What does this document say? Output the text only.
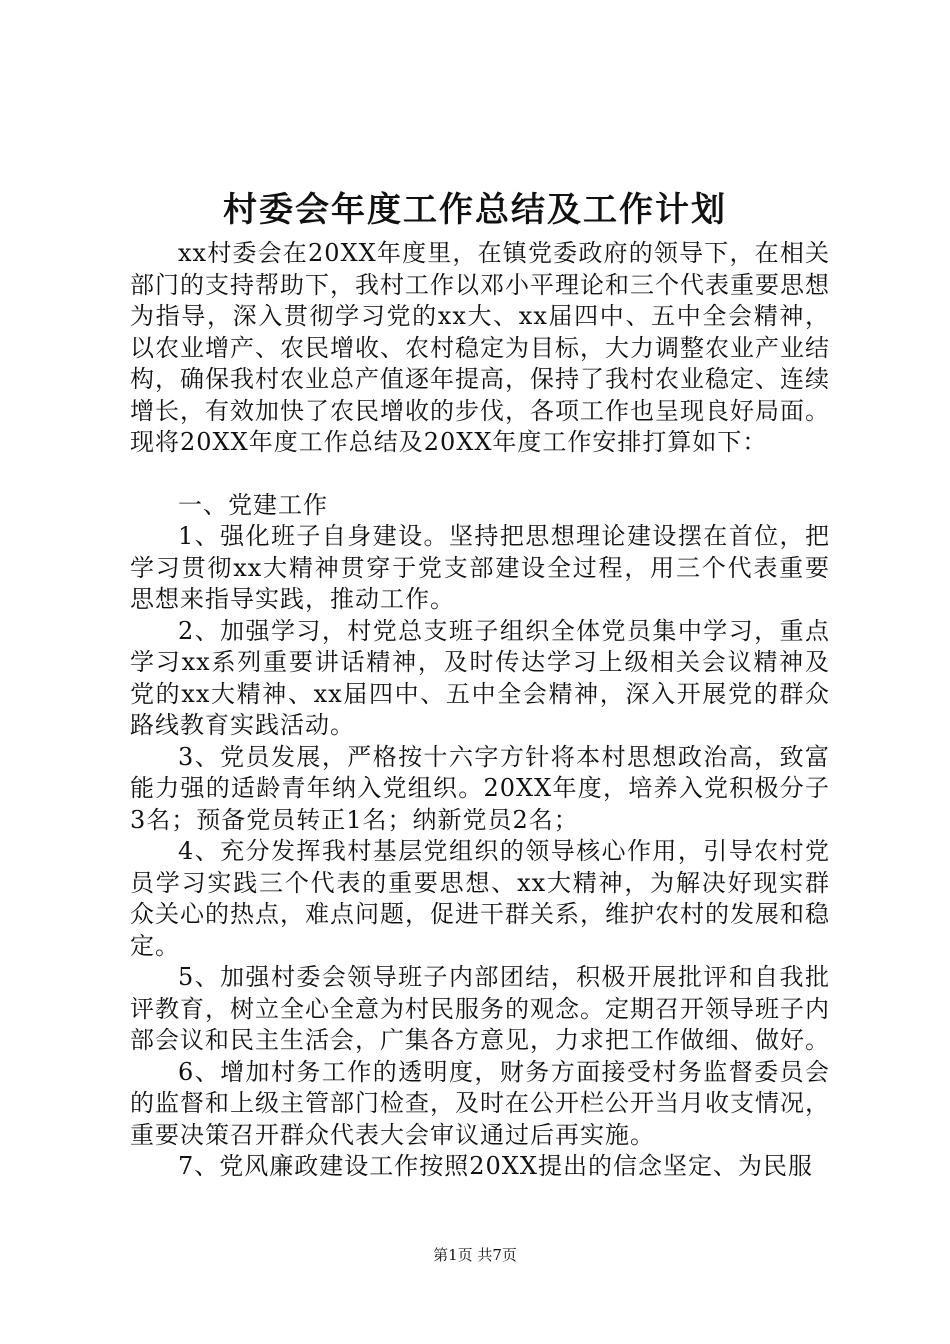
村委会年度工作总结及工作计划

xx村委会在20XX年度里，在镇党委政府的领导下，在相关部门的支持帮助下，我村工作以邓小平理论和三个代表重要思想为指导，深入贯彻学习党的xx大、xx届四中、五中全会精神，以农业增产、农民增收、农村稳定为目标，大力调整农业产业结构，确保我村农业总产值逐年提高，保持了我村农业稳定、连续增长，有效加快了农民增收的步伐，各项工作也呈现良好局面。现将20XX年度工作总结及20XX年度工作安排打算如下：

一、党建工作

1、强化班子自身建设。坚持把思想理论建设摆在首位，把学习贯彻xx大精神贯穿于党支部建设全过程，用三个代表重要思想来指导实践，推动工作。

2、加强学习，村党总支班子组织全体党员集中学习，重点学习xx系列重要讲话精神，及时传达学习上级相关会议精神及党的xx大精神、xx届四中、五中全会精神，深入开展党的群众路线教育实践活动。

3、党员发展，严格按十六字方针将本村思想政治高，致富能力强的适龄青年纳入党组织。20XX年度，培养入党积极分子3名；预备党员转正1名；纳新党员2名；

4、充分发挥我村基层党组织的领导核心作用，引导农村党员学习实践三个代表的重要思想、xx大精神，为解决好现实群众关心的热点，难点问题，促进干群关系，维护农村的发展和稳定。

5、加强村委会领导班子内部团结，积极开展批评和自我批评教育，树立全心全意为村民服务的观念。定期召开领导班子内部会议和民主生活会，广集各方意见，力求把工作做细、做好。

6、增加村务工作的透明度，财务方面接受村务监督委员会的监督和上级主管部门检查，及时在公开栏公开当月收支情况，重要决策召开群众代表大会审议通过后再实施。

7、党风廉政建设工作按照20XX提出的信念坚定、为民服

第1页 共7页
